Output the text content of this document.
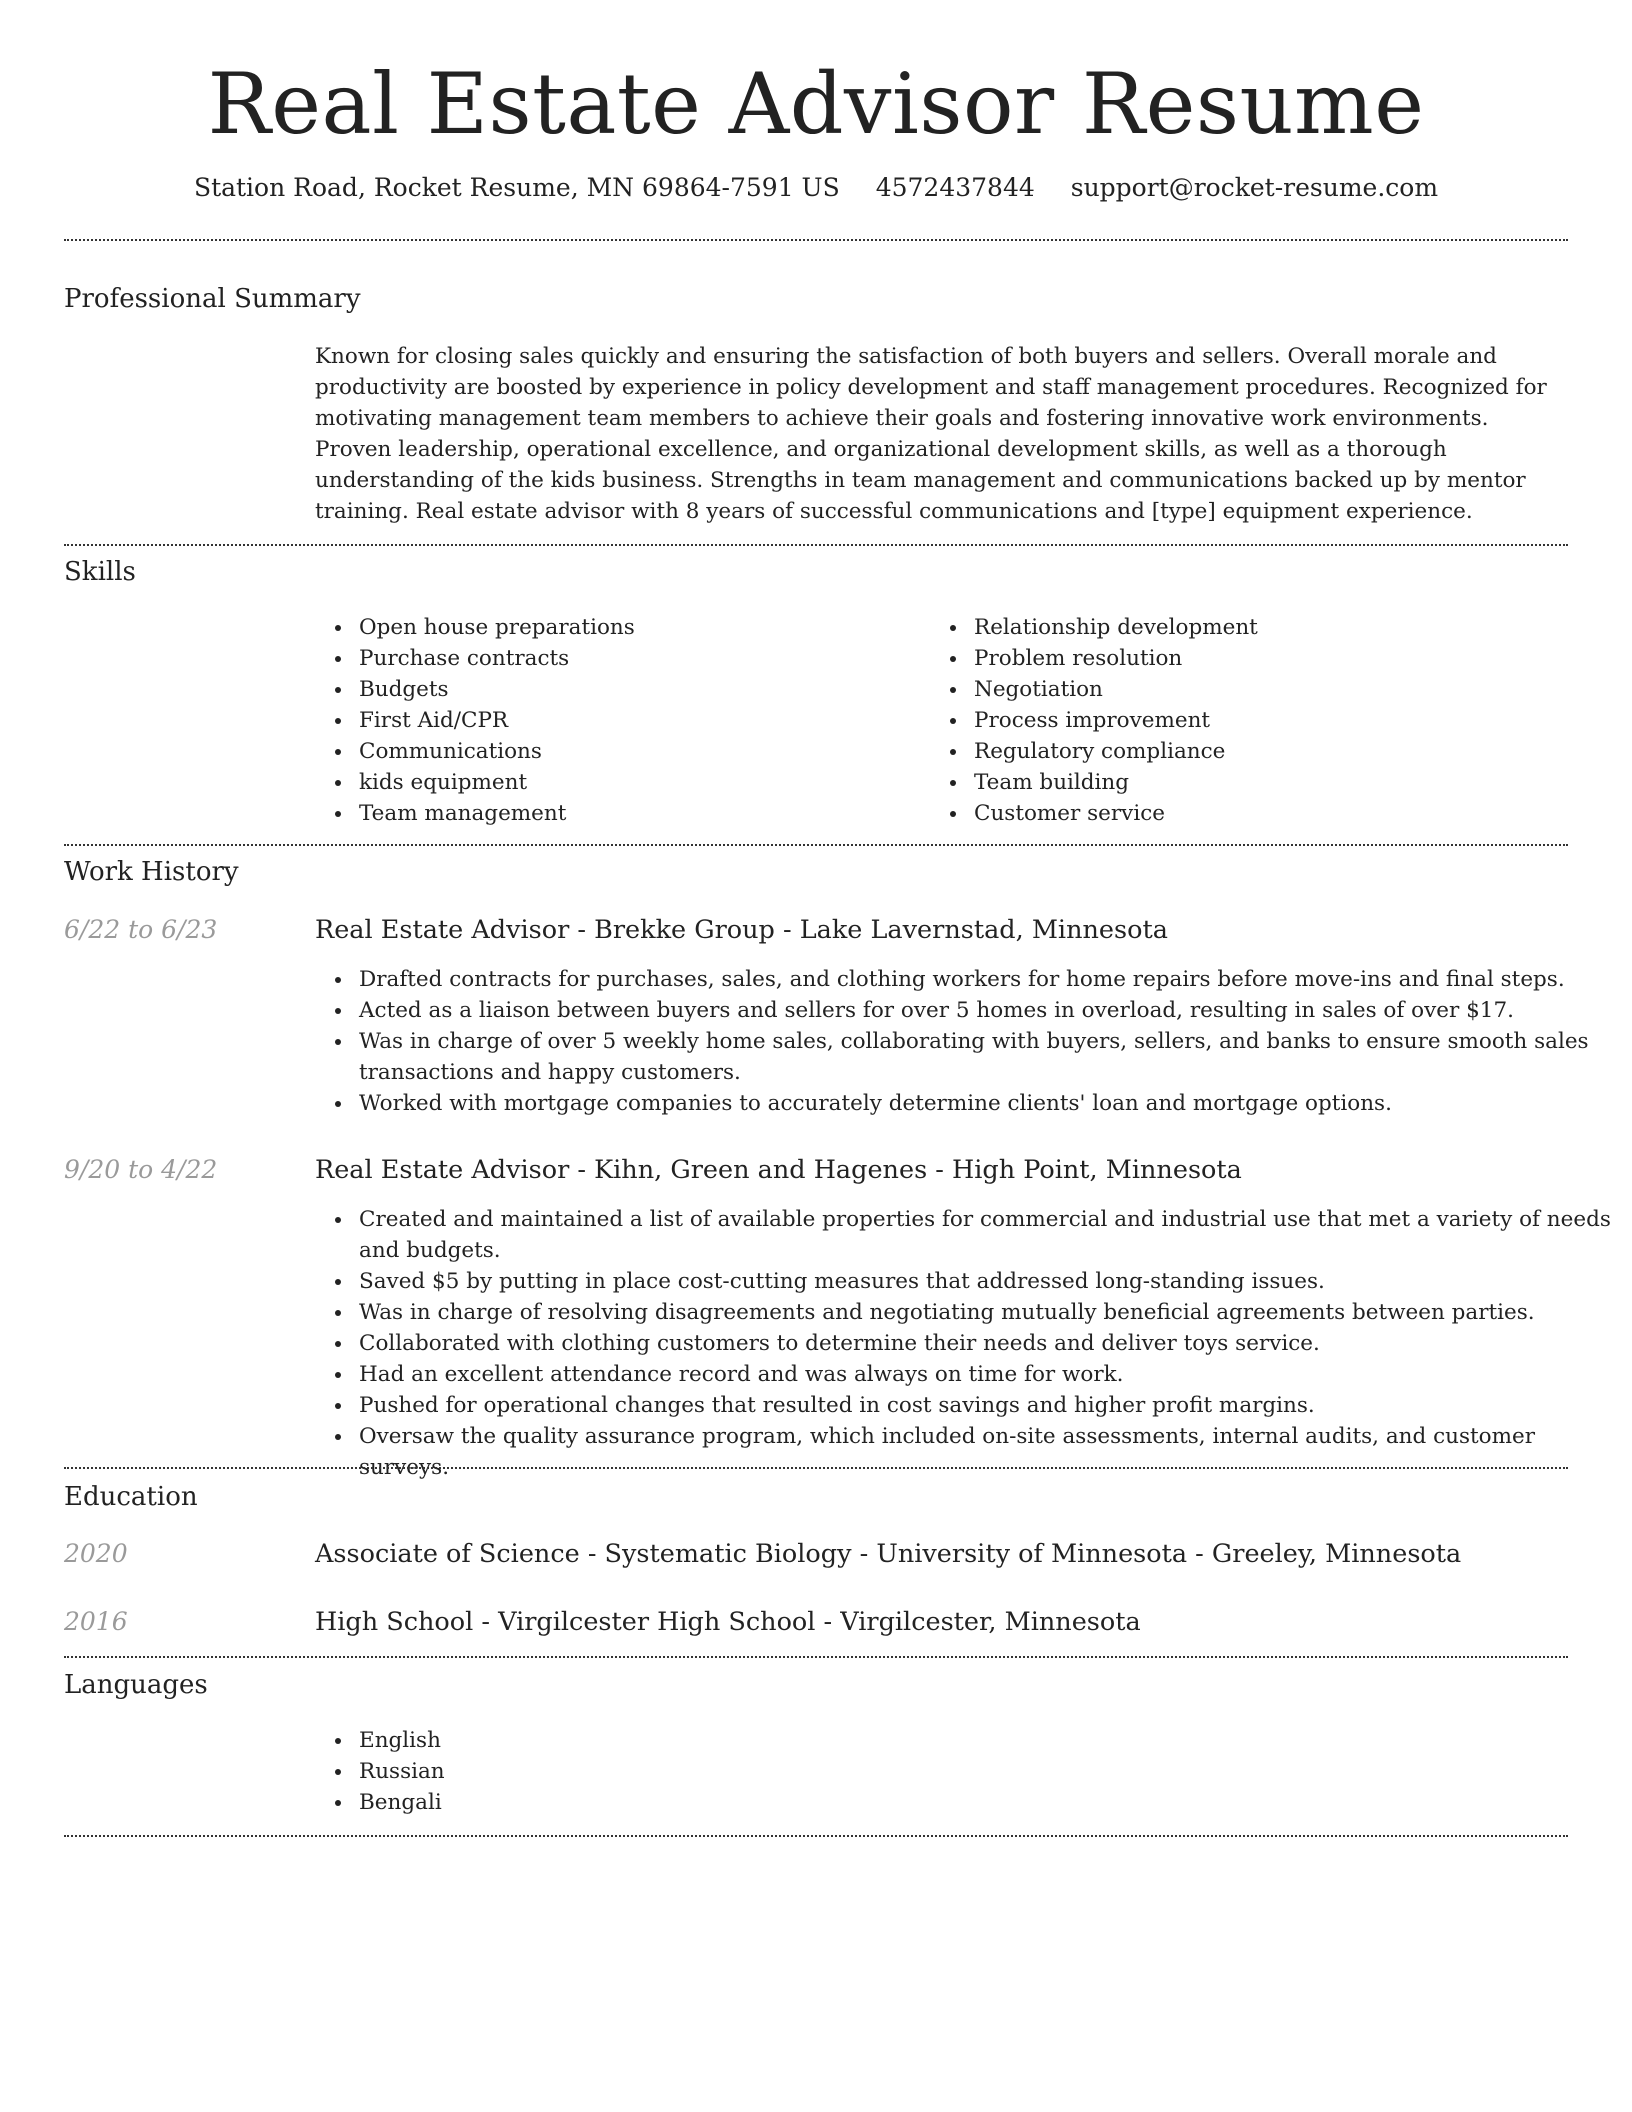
Real Estate Advisor Resume
Station Road, Rocket Resume, MN 69864-7591 US 4572437844 support@rocket-resume.com
Professional Summary

Known for closing sales quickly and ensuring the satisfaction of both buyers and sellers. Overall morale and productivity are boosted by experience in policy development and staff management procedures. Recognized for motivating management team members to achieve their goals and fostering innovative work environments. Proven leadership, operational excellence, and organizational development skills, as well as a thorough understanding of the kids business. Strengths in team management and communications backed up by mentor training. Real estate advisor with 8 years of successful communications and [type] equipment experience.

Skills
Open house preparations
Purchase contracts
Budgets
First Aid/CPR
Communications
kids equipment
Team management
Relationship development
Problem resolution
Negotiation
Process improvement
Regulatory compliance
Team building
Customer service
Work History
6/22 to 6/23	Real Estate Advisor - Brekke Group - Lake Lavernstad, Minnesota
Drafted contracts for purchases, sales, and clothing workers for home repairs before move-ins and final steps.
Acted as a liaison between buyers and sellers for over 5 homes in overload, resulting in sales of over $17.
Was in charge of over 5 weekly home sales, collaborating with buyers, sellers, and banks to ensure smooth sales transactions and happy customers.
Worked with mortgage companies to accurately determine clients' loan and mortgage options.
9/20 to 4/22	Real Estate Advisor - Kihn, Green and Hagenes - High Point, Minnesota
Created and maintained a list of available properties for commercial and industrial use that met a variety of needs and budgets.
Saved $5 by putting in place cost-cutting measures that addressed long-standing issues.
Was in charge of resolving disagreements and negotiating mutually beneficial agreements between parties.
Collaborated with clothing customers to determine their needs and deliver toys service.
Had an excellent attendance record and was always on time for work.
Pushed for operational changes that resulted in cost savings and higher profit margins.
Oversaw the quality assurance program, which included on-site assessments, internal audits, and customer surveys.
Education
2020	Associate of Science - Systematic Biology - University of Minnesota - Greeley, Minnesota
2016	High School - Virgilcester High School - Virgilcester, Minnesota
Languages
English
Russian
Bengali
